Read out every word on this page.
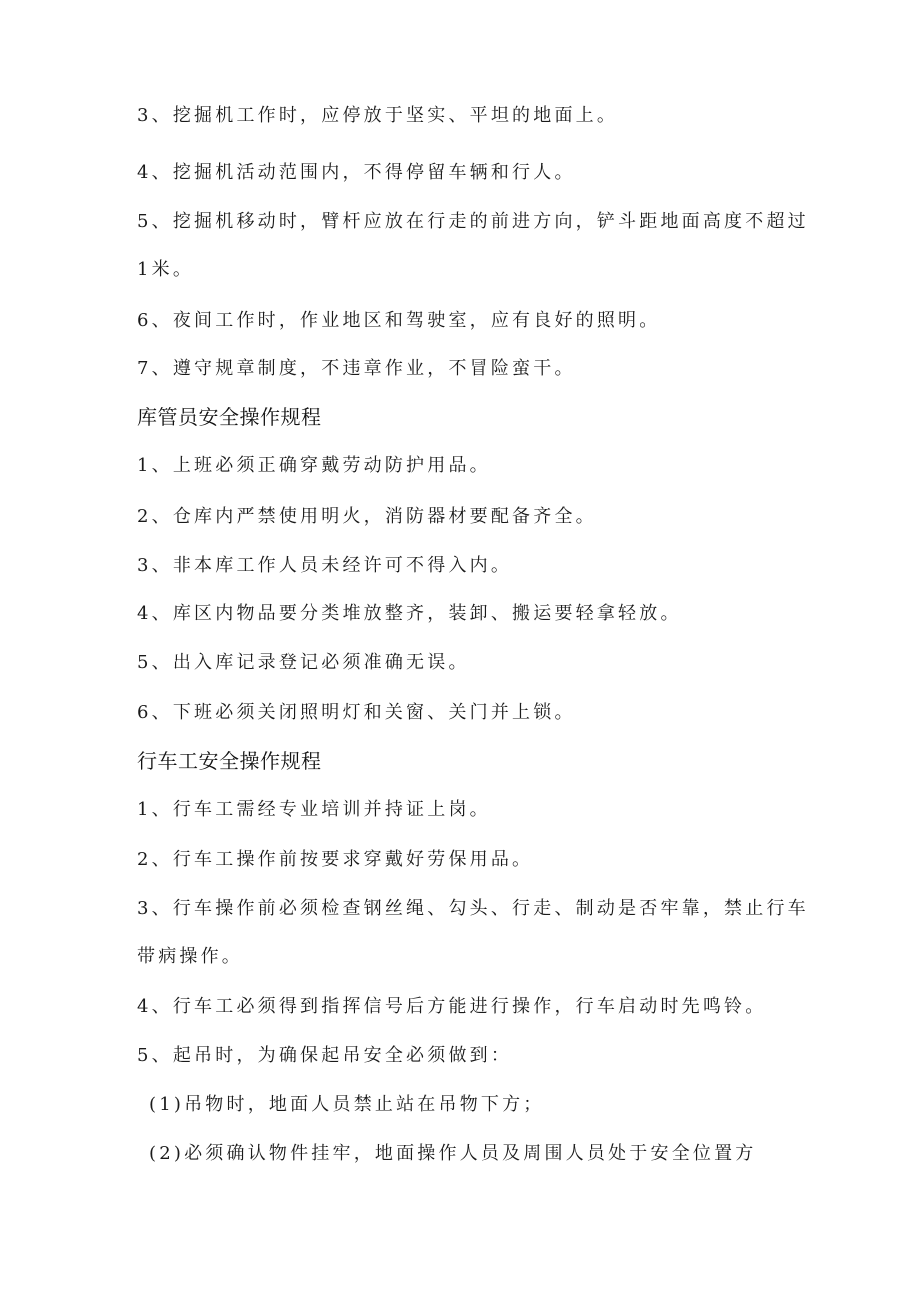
3、挖掘机工作时，应停放于坚实、平坦的地面上。
4、挖掘机活动范围内，不得停留车辆和行人。
5、挖掘机移动时，臂杆应放在行走的前进方向，铲斗距地面高度不超过
1米。
6、夜间工作时，作业地区和驾驶室，应有良好的照明。
7、遵守规章制度，不违章作业，不冒险蛮干。
库管员安全操作规程
1、上班必须正确穿戴劳动防护用品。
2、仓库内严禁使用明火，消防器材要配备齐全。
3、非本库工作人员未经许可不得入内。
4、库区内物品要分类堆放整齐，装卸、搬运要轻拿轻放。
5、出入库记录登记必须准确无误。
6、下班必须关闭照明灯和关窗、关门并上锁。
行车工安全操作规程
1、行车工需经专业培训并持证上岗。
2、行车工操作前按要求穿戴好劳保用品。
3、行车操作前必须检查钢丝绳、勾头、行走、制动是否牢靠，禁止行车
带病操作。
4、行车工必须得到指挥信号后方能进行操作，行车启动时先鸣铃。
5、起吊时，为确保起吊安全必须做到：
(1)吊物时，地面人员禁止站在吊物下方；
(2)必须确认物件挂牢，地面操作人员及周围人员处于安全位置方
